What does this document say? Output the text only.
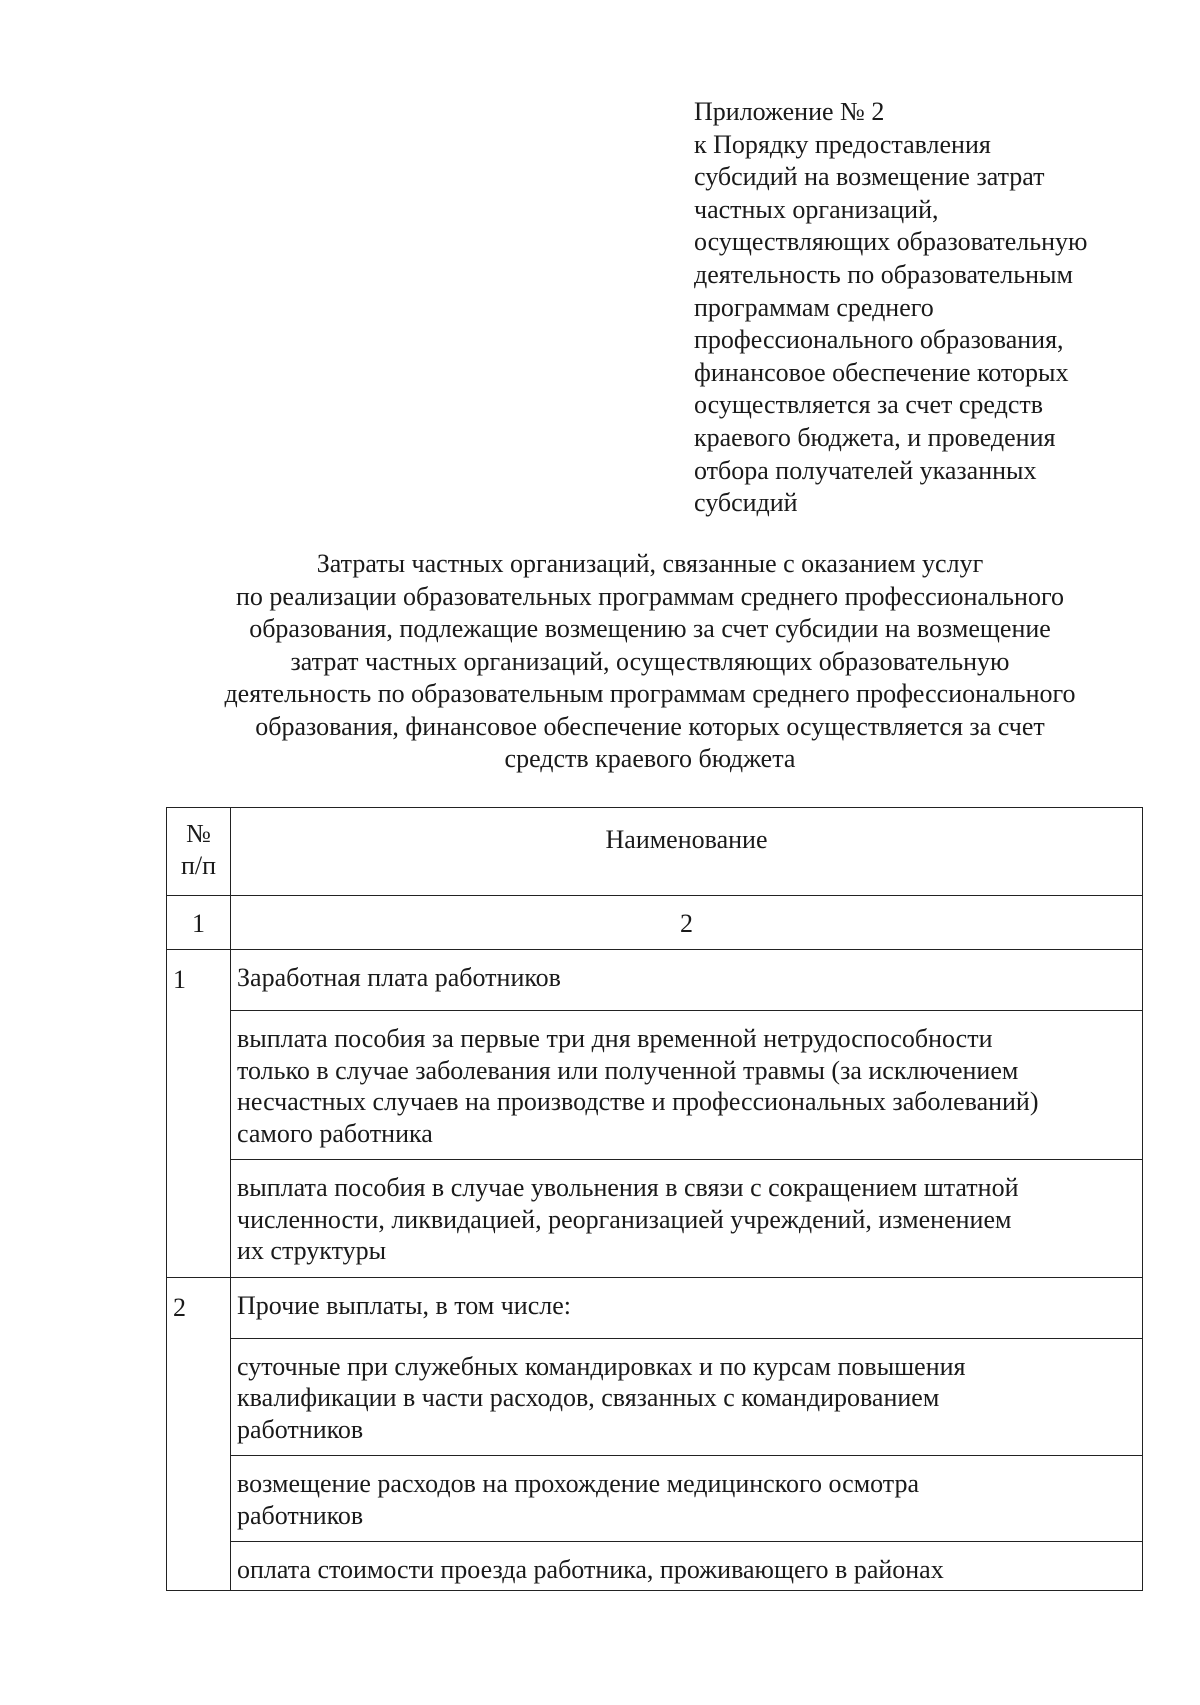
Приложение № 2
к Порядку предоставления
субсидий на возмещение затрат
частных организаций,
осуществляющих образовательную
деятельность по образовательным
программам среднего
профессионального образования,
финансовое обеспечение которых
осуществляется за счет средств
краевого бюджета, и проведения
отбора получателей указанных
субсидий
Затраты частных организаций, связанные с оказанием услуг
по реализации образовательных программам среднего профессионального
образования, подлежащие возмещению за счет субсидии на возмещение
затрат частных организаций, осуществляющих образовательную
деятельность по образовательным программам среднего профессионального
образования, финансовое обеспечение которых осуществляется за счет
средств краевого бюджета
№
п/п	Наименование
1	2
1	Заработная плата работников

	выплата пособия за первые три дня временной нетрудоспособности
только в случае заболевания или полученной травмы (за исключением
несчастных случаев на производстве и профессиональных заболеваний)
самого работника

	выплата пособия в случае увольнения в связи с сокращением штатной
численности, ликвидацией, реорганизацией учреждений, изменением
их структуры

2	Прочие выплаты, в том числе:

	суточные при служебных командировках и по курсам повышения
квалификации в части расходов, связанных с командированием
работников

	возмещение расходов на прохождение медицинского осмотра
работников

	оплата стоимости проезда работника, проживающего в районах
